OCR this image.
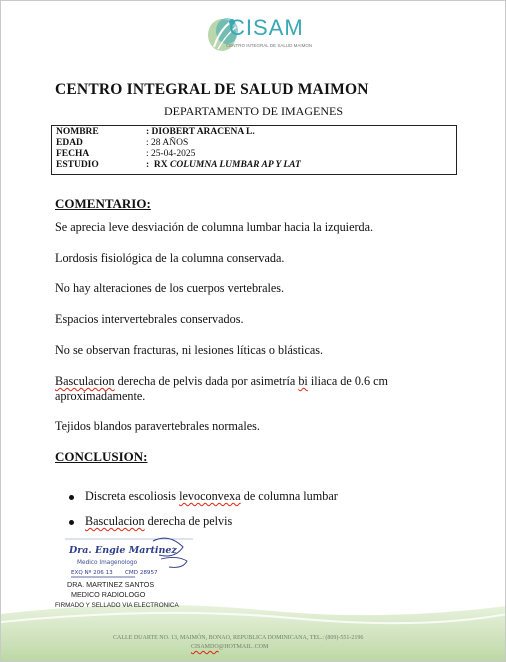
CISAM
CENTRO INTEGRAL DE SALUD MAIMON
CENTRO INTEGRAL DE SALUD MAIMON
DEPARTAMENTO DE IMAGENES
NOMBRE	: DIOBERT ARACENA L.
EDAD	: 28 AÑOS
FECHA	: 25-04-2025
ESTUDIO	:  RX COLUMNA LUMBAR AP Y LAT
COMENTARIO:
Se aprecia leve desviación de columna lumbar hacia la izquierda.
Lordosis fisiológica de la columna conservada.
No hay alteraciones de los cuerpos vertebrales.
Espacios intervertebrales conservados.
No se observan fracturas, ni lesiones líticas o blásticas.
Basculacion derecha de pelvis dada por asimetría bi iliaca de 0.6 cm aproximadamente.
Tejidos blandos paravertebrales normales.
CONCLUSION:
Discreta escoliosis levoconvexa de columna lumbar
Basculacion derecha de pelvis
Dra. Engie Martinez
Medico Imagenologo
EXQ Nº 206 13 CMD 28957
DRA. MARTINEZ SANTOS
MEDICO RADIOLOGO
FIRMADO Y SELLADO VIA ELECTRONICA
CALLE DUARTE NO. 13, MAIMÓN, BONAO, REPUBLICA DOMINICANA, TEL.: (809)-551-2196
CISAMDO@HOTMAIL .COM
